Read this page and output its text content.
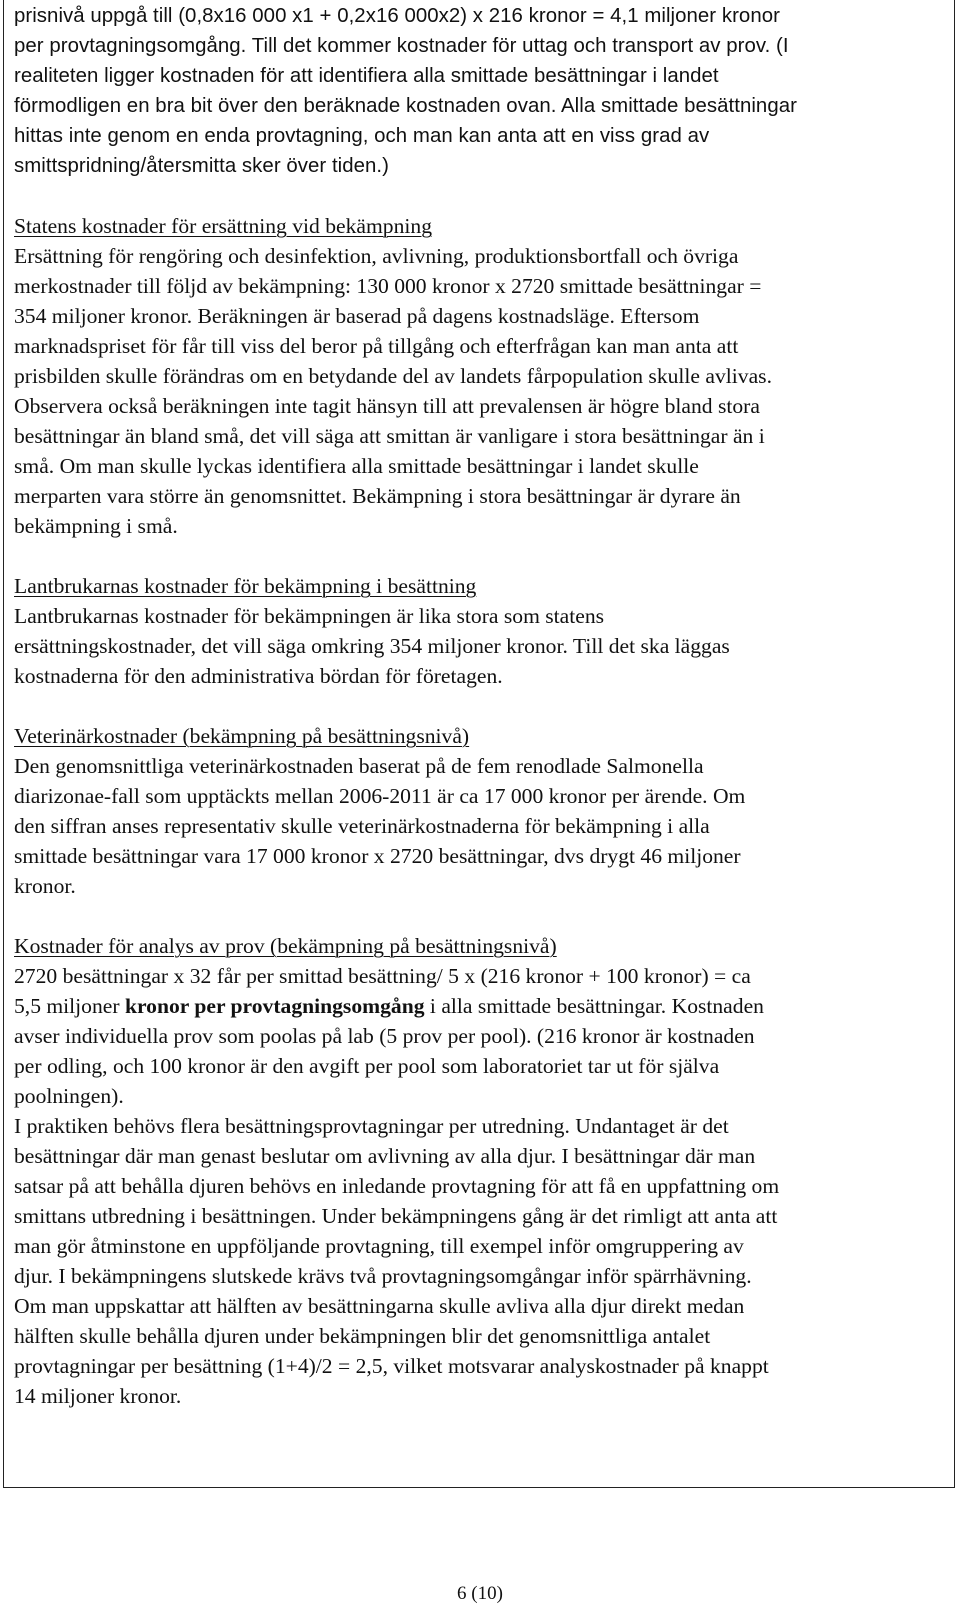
prisnivå uppgå till (0,8x16 000 x1 + 0,2x16 000x2) x 216 kronor = 4,1 miljoner kronor

per provtagningsomgång. Till det kommer kostnader för uttag och transport av prov. (I

realiteten ligger kostnaden för att identifiera alla smittade besättningar i landet

förmodligen en bra bit över den beräknade kostnaden ovan. Alla smittade besättningar

hittas inte genom en enda provtagning, och man kan anta att en viss grad av

smittspridning/återsmitta sker över tiden.)

Statens kostnader för ersättning vid bekämpning

Ersättning för rengöring och desinfektion, avlivning, produktionsbortfall och övriga

merkostnader till följd av bekämpning: 130 000 kronor x 2720 smittade besättningar =

354 miljoner kronor. Beräkningen är baserad på dagens kostnadsläge. Eftersom

marknadspriset för får till viss del beror på tillgång och efterfrågan kan man anta att

prisbilden skulle förändras om en betydande del av landets fårpopulation skulle avlivas.

Observera också beräkningen inte tagit hänsyn till att prevalensen är högre bland stora

besättningar än bland små, det vill säga att smittan är vanligare i stora besättningar än i

små. Om man skulle lyckas identifiera alla smittade besättningar i landet skulle

merparten vara större än genomsnittet. Bekämpning i stora besättningar är dyrare än

bekämpning i små.

Lantbrukarnas kostnader för bekämpning i besättning

Lantbrukarnas kostnader för bekämpningen är lika stora som statens

ersättningskostnader, det vill säga omkring 354 miljoner kronor. Till det ska läggas

kostnaderna för den administrativa bördan för företagen.

Veterinärkostnader (bekämpning på besättningsnivå)

Den genomsnittliga veterinärkostnaden baserat på de fem renodlade Salmonella

diarizonae-fall som upptäckts mellan 2006-2011 är ca 17 000 kronor per ärende. Om

den siffran anses representativ skulle veterinärkostnaderna för bekämpning i alla

smittade besättningar vara 17 000 kronor x 2720 besättningar, dvs drygt 46 miljoner

kronor.

Kostnader för analys av prov (bekämpning på besättningsnivå)

2720 besättningar x 32 får per smittad besättning/ 5 x (216 kronor + 100 kronor) = ca

5,5 miljoner kronor per provtagningsomgång i alla smittade besättningar. Kostnaden

avser individuella prov som poolas på lab (5 prov per pool). (216 kronor är kostnaden

per odling, och 100 kronor är den avgift per pool som laboratoriet tar ut för själva

poolningen).

I praktiken behövs flera besättningsprovtagningar per utredning. Undantaget är det

besättningar där man genast beslutar om avlivning av alla djur. I besättningar där man

satsar på att behålla djuren behövs en inledande provtagning för att få en uppfattning om

smittans utbredning i besättningen. Under bekämpningens gång är det rimligt att anta att

man gör åtminstone en uppföljande provtagning, till exempel inför omgruppering av

djur. I bekämpningens slutskede krävs två provtagningsomgångar inför spärrhävning.

Om man uppskattar att hälften av besättningarna skulle avliva alla djur direkt medan

hälften skulle behålla djuren under bekämpningen blir det genomsnittliga antalet

provtagningar per besättning (1+4)/2 = 2,5, vilket motsvarar analyskostnader på knappt

14 miljoner kronor.

6 (10)
